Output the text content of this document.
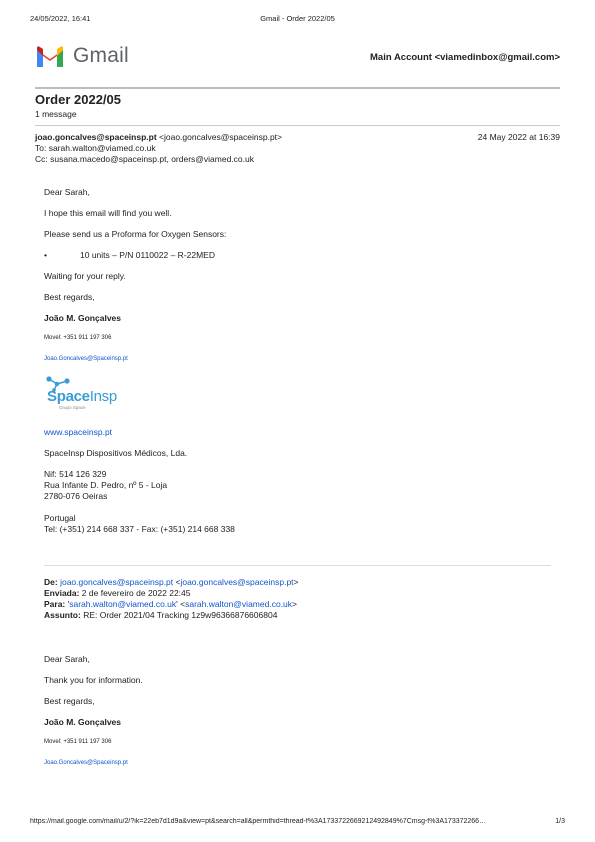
24/05/2022, 16:41	Gmail - Order 2022/05
Gmail	Main Account <viamedinbox@gmail.com>
Order 2022/05
1 message
joao.goncalves@spaceinsp.pt <joao.goncalves@spaceinsp.pt>	24 May 2022 at 16:39
To: sarah.walton@viamed.co.uk
Cc: susana.macedo@spaceinsp.pt, orders@viamed.co.uk
Dear Sarah,
I hope this email will find you well.
Please send us a Proforma for Oxygen Sensors:
•	10 units – P/N 0110022 – R-22MED
Waiting for your reply.
Best regards,
João M. Gonçalves
Movel: +351 911 197 306
Joao.Goncalves@Spaceinsp.pt
SpaceInsp
Grupo Space
www.spaceinsp.pt
SpaceInsp Dispositivos Médicos, Lda.
Nif: 514 126 329
Rua Infante D. Pedro, nº 5 - Loja
2780-076 Oeiras
Portugal
Tel: (+351) 214 668 337 - Fax: (+351) 214 668 338
De: joao.goncalves@spaceinsp.pt <joao.goncalves@spaceinsp.pt>
Enviada: 2 de fevereiro de 2022 22:45
Para: 'sarah.walton@viamed.co.uk' <sarah.walton@viamed.co.uk>
Assunto: RE: Order 2021/04 Tracking 1z9w96366876606804
Dear Sarah,
Thank you for information.
Best regards,
João M. Gonçalves
Movel: +351 911 197 306
Joao.Goncalves@Spaceinsp.pt
https://mail.google.com/mail/u/2/?ik=22eb7d1d9a&view=pt&search=all&permthid=thread-f%3A1733722669212492849%7Cmsg-f%3A173372266…	1/3
